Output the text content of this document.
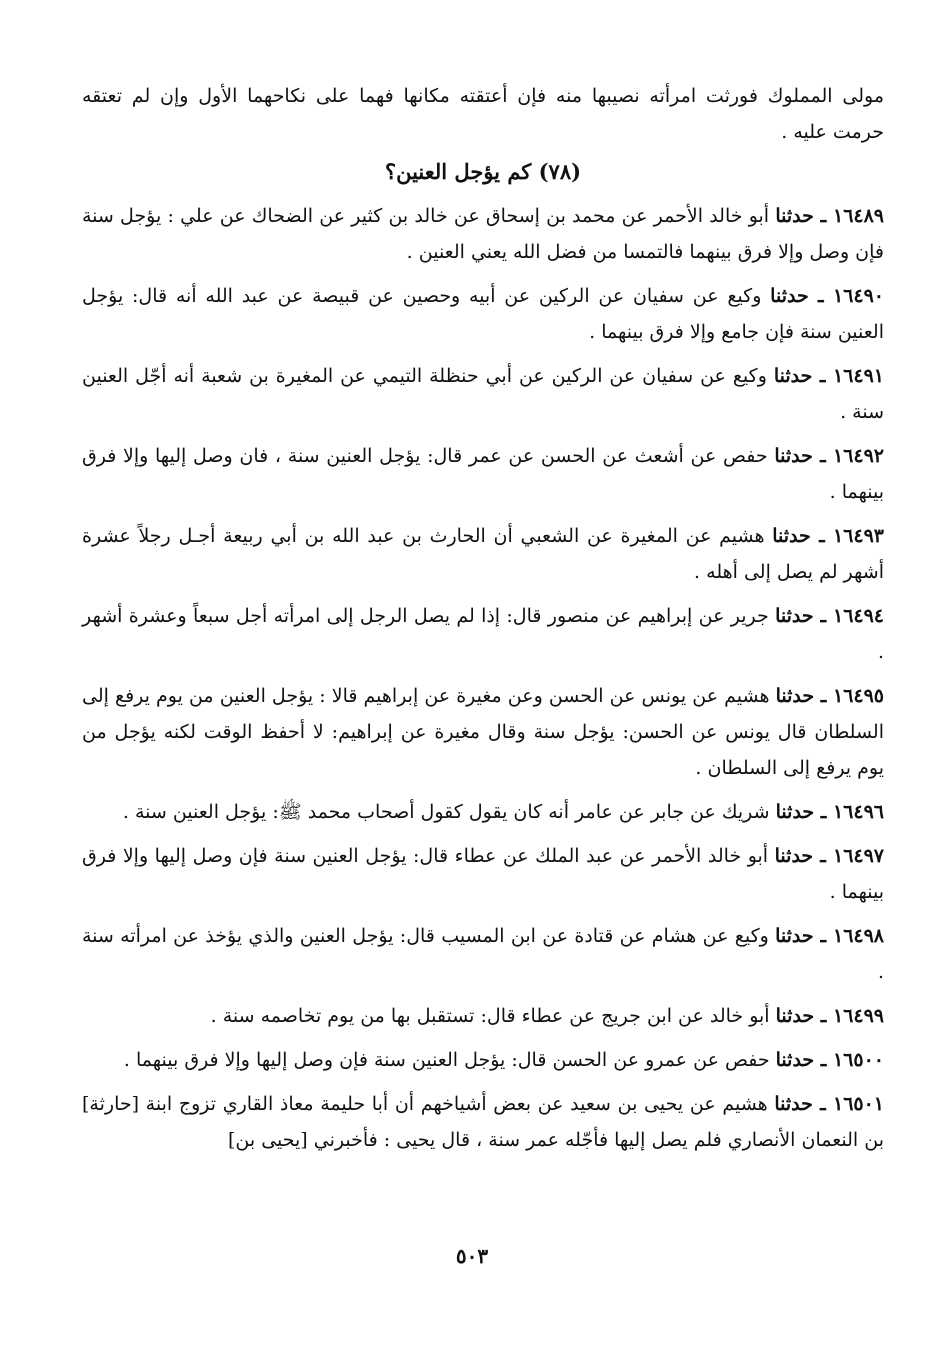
مولى المملوك فورثت امرأته نصيبها منه فإن أعتقته مكانها فهما على نكاحهما الأول وإن لم تعتقه حرمت عليه .

(٧٨) كم يؤجل العنين؟

١٦٤٨٩ ـ حدثنا أبو خالد الأحمر عن محمد بن إسحاق عن خالد بن كثير عن الضحاك عن علي : يؤجل سنة فإن وصل وإلا فرق بينهما فالتمسا من فضل الله يعني العنين .

١٦٤٩٠ ـ حدثنا وكيع عن سفيان عن الركين عن أبيه وحصين عن قبيصة عن عبد الله أنه قال: يؤجل العنين سنة فإن جامع وإلا فرق بينهما .

١٦٤٩١ ـ حدثنا وكيع عن سفيان عن الركين عن أبي حنظلة التيمي عن المغيرة بن شعبة أنه أجّل العنين سنة .

١٦٤٩٢ ـ حدثنا حفص عن أشعث عن الحسن عن عمر قال: يؤجل العنين سنة ، فان وصل إليها وإلا فرق بينهما .

١٦٤٩٣ ـ حدثنا هشيم عن المغيرة عن الشعبي أن الحارث بن عبد الله بن أبي ربيعة أجـل رجلاً عشرة أشهر لم يصل إلى أهله .

١٦٤٩٤ ـ حدثنا جرير عن إبراهيم عن منصور قال: إذا لم يصل الرجل إلى امرأته أجل سبعاً وعشرة أشهر .

١٦٤٩٥ ـ حدثنا هشيم عن يونس عن الحسن وعن مغيرة عن إبراهيم قالا : يؤجل العنين من يوم يرفع إلى السلطان قال يونس عن الحسن: يؤجل سنة وقال مغيرة عن إبراهيم: لا أحفظ الوقت لكنه يؤجل من يوم يرفع إلى السلطان .

١٦٤٩٦ ـ حدثنا شريك عن جابر عن عامر أنه كان يقول كقول أصحاب محمد ﷺ: يؤجل العنين سنة .

١٦٤٩٧ ـ حدثنا أبو خالد الأحمر عن عبد الملك عن عطاء قال: يؤجل العنين سنة فإن وصل إليها وإلا فرق بينهما .

١٦٤٩٨ ـ حدثنا وكيع عن هشام عن قتادة عن ابن المسيب قال: يؤجل العنين والذي يؤخذ عن امرأته سنة .

١٦٤٩٩ ـ حدثنا أبو خالد عن ابن جريج عن عطاء قال: تستقبل بها من يوم تخاصمه سنة .

١٦٥٠٠ ـ حدثنا حفص عن عمرو عن الحسن قال: يؤجل العنين سنة فإن وصل إليها وإلا فرق بينهما .

١٦٥٠١ ـ حدثنا هشيم عن يحيى بن سعيد عن بعض أشياخهم أن أبا حليمة معاذ القاري تزوج ابنة [حارثة] بن النعمان الأنصاري فلم يصل إليها فأجّله عمر سنة ، قال يحيى : فأخبرني [يحيى بن]

٥٠٣
